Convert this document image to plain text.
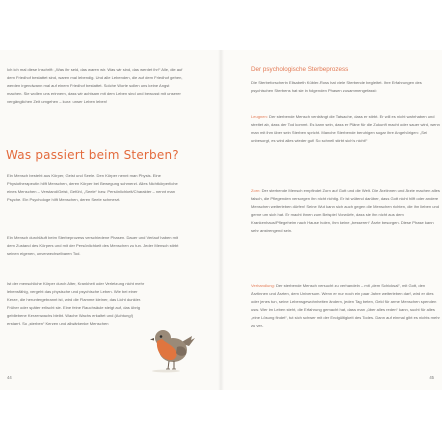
Ich ich mal diese Inschrift: „Was ihr seid, das waren wir. Was wir sind, das werdet ihr!“ Alle, die auf dem Friedhof bestattet sind, waren mal lebendig. Und alle Lebenden, die auf dem Friedhof gehen, werden irgendwann mal auf einem Friedhof bestattet. Solche Worte sollen uns keine Angst machen. Sie wollen uns erinnern, dass wir achtsam mit dem Leben sind und bewusst mit unserer vergänglichen Zeit umgehen – kurz: unser Leben leben!

Was passiert beim Sterben?

Ein Mensch besteht aus Körper, Geist und Seele. Den Körper nennt man Physis. Eine Physiotherapeutin hilft Menschen, deren Körper bei Bewegung schmerzt. Alles Nichtkörperliche eines Menschen – Verstand/Geist, Gefühl, „Seele“ bzw. Persönlichkeit/Charakter – nennt man Psyche. Ein Psychologe hilft Menschen, deren Seele schmerzt.

Ein Mensch durchläuft beim Sterbeprozess verschiedene Phasen. Dauer und Verlauf haben mit dem Zustand des Körpers und mit der Persönlichkeit des Menschen zu tun. Jeder Mensch stirbt seinen eigenen, unverwechselbaren Tod.

Ist der menschliche Körper durch Alter, Krankheit oder Verletzung nicht mehr lebensfähig, vergeht das physische und psychische Leben. Wie bei einer Kerze, die heruntergebrannt ist, wird die Flamme kleiner, das Licht dunkler. Früher oder später erlischt sie. Eine feine Rauchsäule steigt auf, das übrig gebliebene Kerzenwachs bleibt. Wache Wachs erkaltet und (Achtung!) erstarrt. So „sterben“ Kerzen und allwärkenke Menschen

44
Der psychologische Sterbeprozess

Die Sterbeforscherin Elisabeth Kübler-Ross hat viele Sterbende begleitet. Ihre Erfahrungen des psychischen Sterbens hat sie in folgenden Phasen zusammengefasst:

Leugnen: Der sterbende Mensch verdrängt die Tatsache, dass er stirbt. Er will es nicht wahrhaben und streitet ab, dass der Tod kommt. Es kann sein, dass er Pläne für die Zukunft macht oder sauer wird, wenn man mit ihm über sein Sterben spricht. Manche Sterbende beruhigen sogar ihre Angehörigen: „Sei unbesorgt, es wird alles wieder gut! So schnell stirbt sich's nicht!“

Zorn: Der sterbende Mensch empfindet Zorn auf Gott und die Welt. Die Ärztinnen und Ärzte machen alles falsch, die Pflegenden versorgen ihn nicht richtig. Er ist wütend darüber, dass Gott nicht hilft oder andere Menschen weiterleben dürfen! Seine Wut kann sich auch gegen die Menschen richten, die ihn lieben und gerne um sich hat. Er macht ihnen zum Beispiel Vorwürfe, dass sie ihn nicht aus dem Krankenhaus/Pflegeheim nach Hause holen, ihm keine „besseren“ Ärzte besorgen. Diese Phase kann sehr anstrengend sein.

Verhandlung: Der sterbende Mensch versucht zu verhandeln – mit „dem Schicksal“, mit Gott, den Ärztinnen und Ärzten, dem Universum. Wenn er nur noch ein paar Jahre weiterleben darf, wird er dies oder jenes tun, seine Lebensgewohnheiten ändern, jeden Tag beten, Geld für arme Menschen spenden usw. Wer im Leben steht, die Erfahrung gemacht hat, dass man „über alles reden“ kann, sucht für alles „eine Lösung findet“, tut sich schwer mit der Endgültigkeit des Todes. Dann auf einmal gibt es nichts mehr zu ver-

45
